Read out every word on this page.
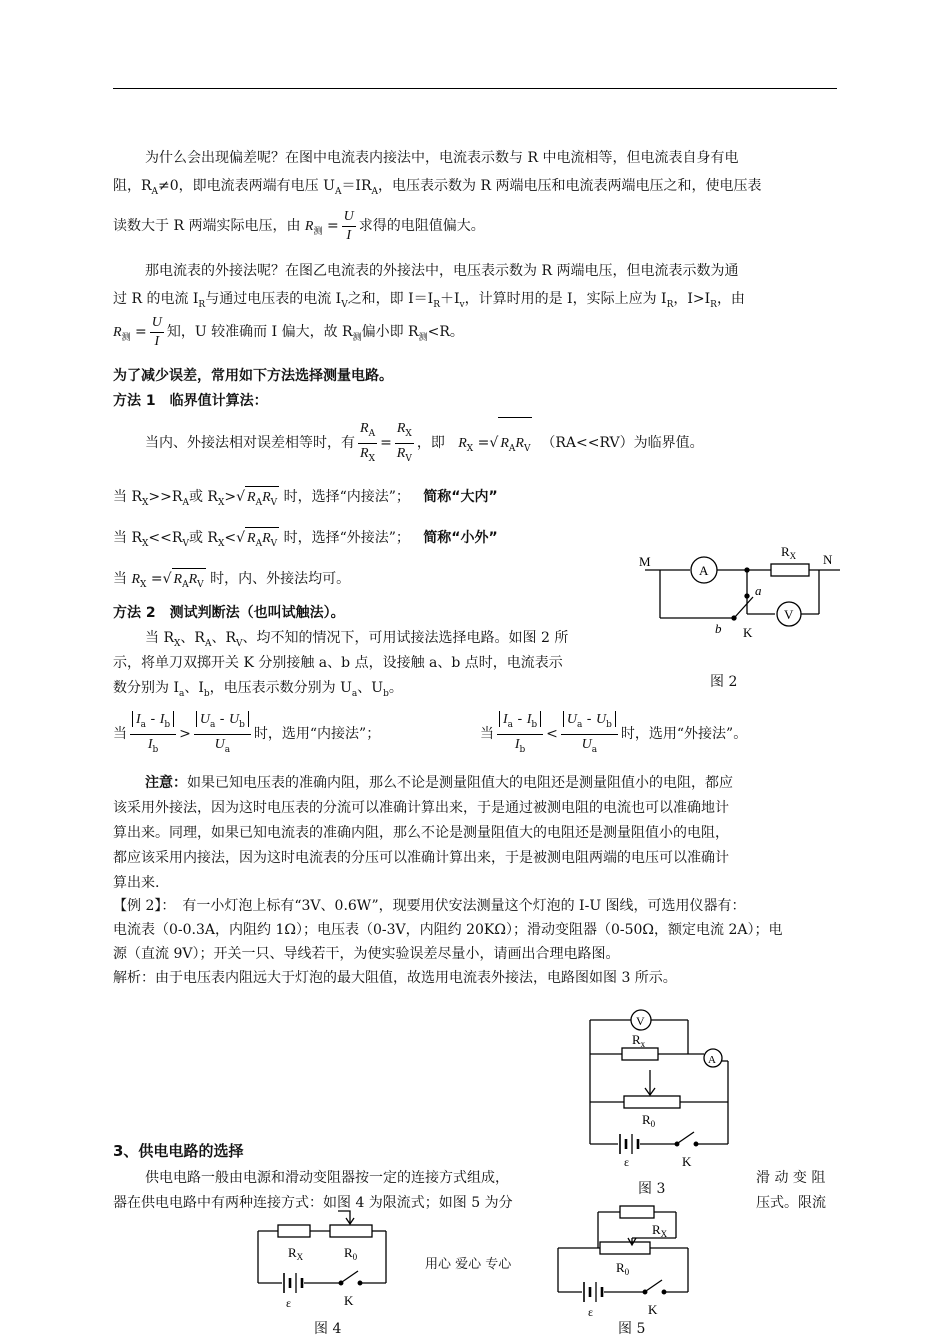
为什么会出现偏差呢？在图中电流表内接法中，电流表示数与 R 中电流相等，但电流表自身有电
阻，$R_A\ne 0$，即电流表两端有电压 $U_A=IR_A$，电压表示数为 R 两端电压和电流表两端电压之和，使电压表
读数大于 R 两端实际电压，由 $R_测 = \frac{U}{I}$ 求得的电阻值偏大。
那电流表的外接法呢？在图乙电流表的外接法中，电压表示数为 R 两端电压，但电流表示数为通
过 R 的电流 $I_R$与通过电压表的电流 $I_V$之和，即 $I=I_R+I_v$，计算时用的是 I，实际上应为 $I_R$，$I>I_R$，由
$R_测 = \frac{U}{I}$ 知，U 较准确而 I 偏大，故 $R_测$偏小即 $R_测<R$。
为了减少误差，常用如下方法选择测量电路。
方法 1　临界值计算法：
当内、外接法相对误差相等时，有 $\frac{R_A}{R_X} = \frac{R_X}{R_V}$ ，即 $R_X$ =√ $R_AR_V$ （RA<<RV）为临界值。
当 $R_X>>R_A$或 $R_X>√$ $R_AR_V$ 时，选择“内接法”； 简称“大内”
当 $R_X<<R_V$或 $R_X<√$ $R_AR_V$ 时，选择“外接法”； 简称“小外”
当 $R_X$ =√ $R_AR_V$ 时，内、外接法均可。
方法 2　测试判断法（也叫试触法）。
当 $R_X$、$R_A$、$R_V$、均不知的情况下，可用试接法选择电路。如图 2 所
示，将单刀双掷开关 K 分别接触 a、b 点，设接触 a、b 点时，电流表示
数分别为 $I_a$、$I_b$，电压表示数分别为 $U_a$、$U_b$。
当 $\frac{I_a - I_b}{I_b} > \frac{U_a - U_b}{U_a}$ 时，选用“内接法”；	当 $\frac{I_a - I_b}{I_b} < \frac{U_a - U_b}{U_a}$ 时，选用“外接法”。
注意：如果已知电压表的准确内阻，那么不论是测量阻值大的电阻还是测量阻值小的电阻，都应
该采用外接法，因为这时电压表的分流可以准确计算出来，于是通过被测电阻的电流也可以准确地计
算出来。同理，如果已知电流表的准确内阻，那么不论是测量阻值大的电阻还是测量阻值小的电阻，
都应该采用内接法，因为这时电流表的分压可以准确计算出来，于是被测电阻两端的电压可以准确计
算出来.
【例 2】：　有一小灯泡上标有“3V、0.6W”，现要用伏安法测量这个灯泡的 I-U 图线，可选用仪器有：
电流表（0-0.3A，内阻约 1Ω）；电压表（0-3V，内阻约 20KΩ）；滑动变阻器（0-50Ω，额定电流 2A）；电
源（直流 9V）；开关一只、导线若干，为使实验误差尽量小，请画出合理电路图。
解析：由于电压表内阻远大于灯泡的最大阻值，故选用电流表外接法，电路图如图 3 所示。
3、供电电路的选择
供电电路一般由电源和滑动变阻器按一定的连接方式组成，	滑 动 变 阻
器在供电电路中有两种连接方式：如图 4 为限流式；如图 5 为分	压式。限流
M	N
$R_X$
A
V
a
b K
图 2
V
A
$R_x$
$R_0$
ε	K
图 3
$R_X$	$R_0$
ε	K
图 4
$R_X$
$R_0$
ε	K
图 5
用心 爱心 专心
